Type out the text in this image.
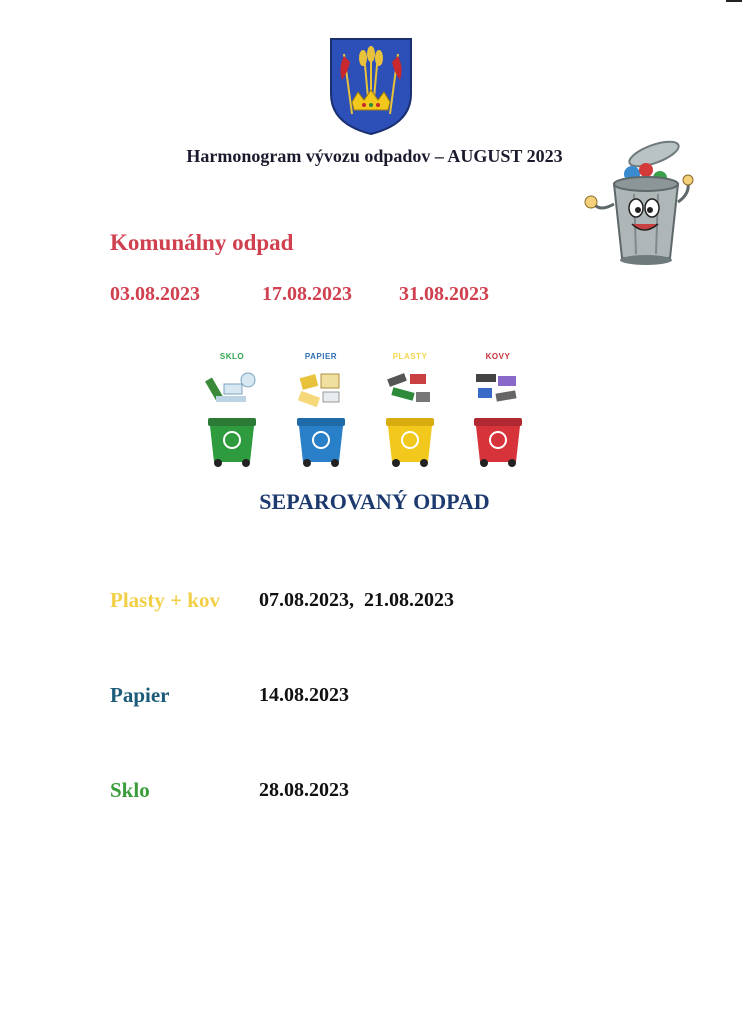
Harmonogram vývozu odpadov – AUGUST 2023
Komunálny odpad
03.08.2023	17.08.2023 31.08.2023
SKLO	PAPIER	PLASTY	KOVY
SEPAROVANÝ ODPAD
Plasty + kov 07.08.2023,  21.08.2023
Papier	14.08.2023
Sklo	28.08.2023
